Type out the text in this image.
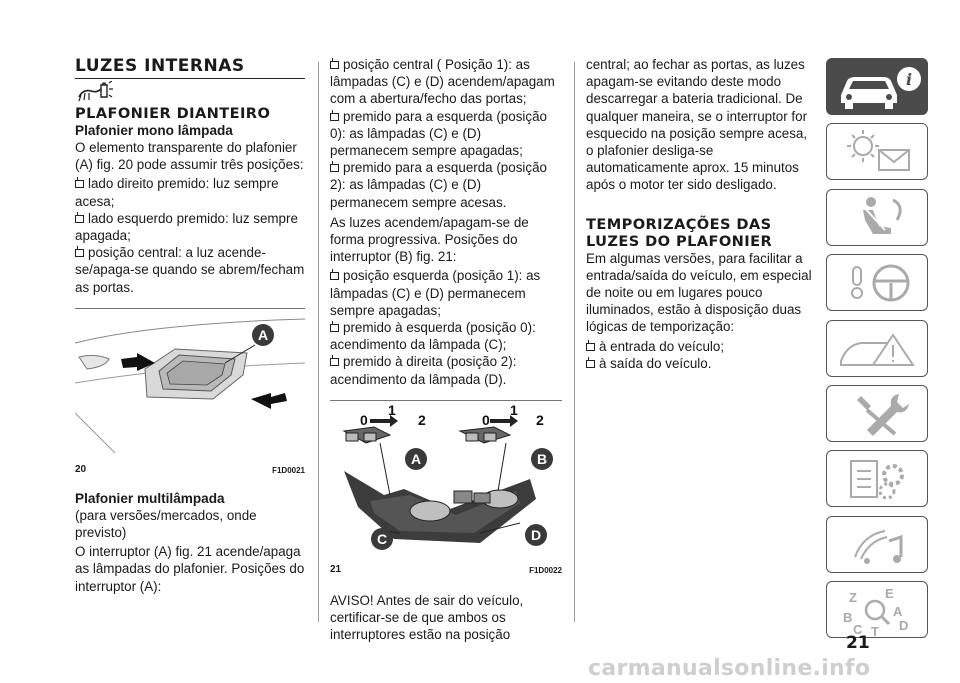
LUZES INTERNAS
PLAFONIER DIANTEIRO
Plafonier mono lâmpada
O elemento transparente do plafonier (A) fig. 20 pode assumir três posições:
lado direito premido: luz sempre acesa;
lado esquerdo premido: luz sempre apagada;
posição central: a luz acende-se/apaga-se quando se abrem/fecham as portas.
A
20	F1D0021
Plafonier multilâmpada
(para versões/mercados, onde previsto)
O interruptor (A) fig. 21 acende/apaga as lâmpadas do plafonier. Posições do interruptor (A):
posição central ( Posição 1): as lâmpadas (C) e (D) acendem/apagam com a abertura/fecho das portas;
premido para a esquerda (posição 0): as lâmpadas (C) e (D) permanecem sempre apagadas;
premido para a esquerda (posição 2): as lâmpadas (C) e (D) permanecem sempre acesas.
As luzes acendem/apagam-se de forma progressiva. Posições do interruptor (B) fig. 21:
posição esquerda (posição 1): as lâmpadas (C) e (D) permanecem sempre apagadas;
premido à esquerda (posição 0): acendimento da lâmpada (C);
premido à direita (posição 2): acendimento da lâmpada (D).
0
1
2	0
1
2
A	B
C	D
21	F1D0022
AVISO! Antes de sair do veículo, certificar-se de que ambos os interruptores estão na posição
central; ao fechar as portas, as luzes apagam-se evitando deste modo descarregar a bateria tradicional. De qualquer maneira, se o interruptor for esquecido na posição sempre acesa, o plafonier desliga-se automaticamente aprox. 15 minutos após o motor ter sido desligado.
TEMPORIZAÇÕES DAS LUZES DO PLAFONIER
Em algumas versões, para facilitar a entrada/saída do veículo, em especial de noite ou em lugares pouco iluminados, estão à disposição duas lógicas de temporização:
à entrada do veículo;
à saída do veículo.
i
Z E
B	A
C T D
21
carmanualsonline.info
